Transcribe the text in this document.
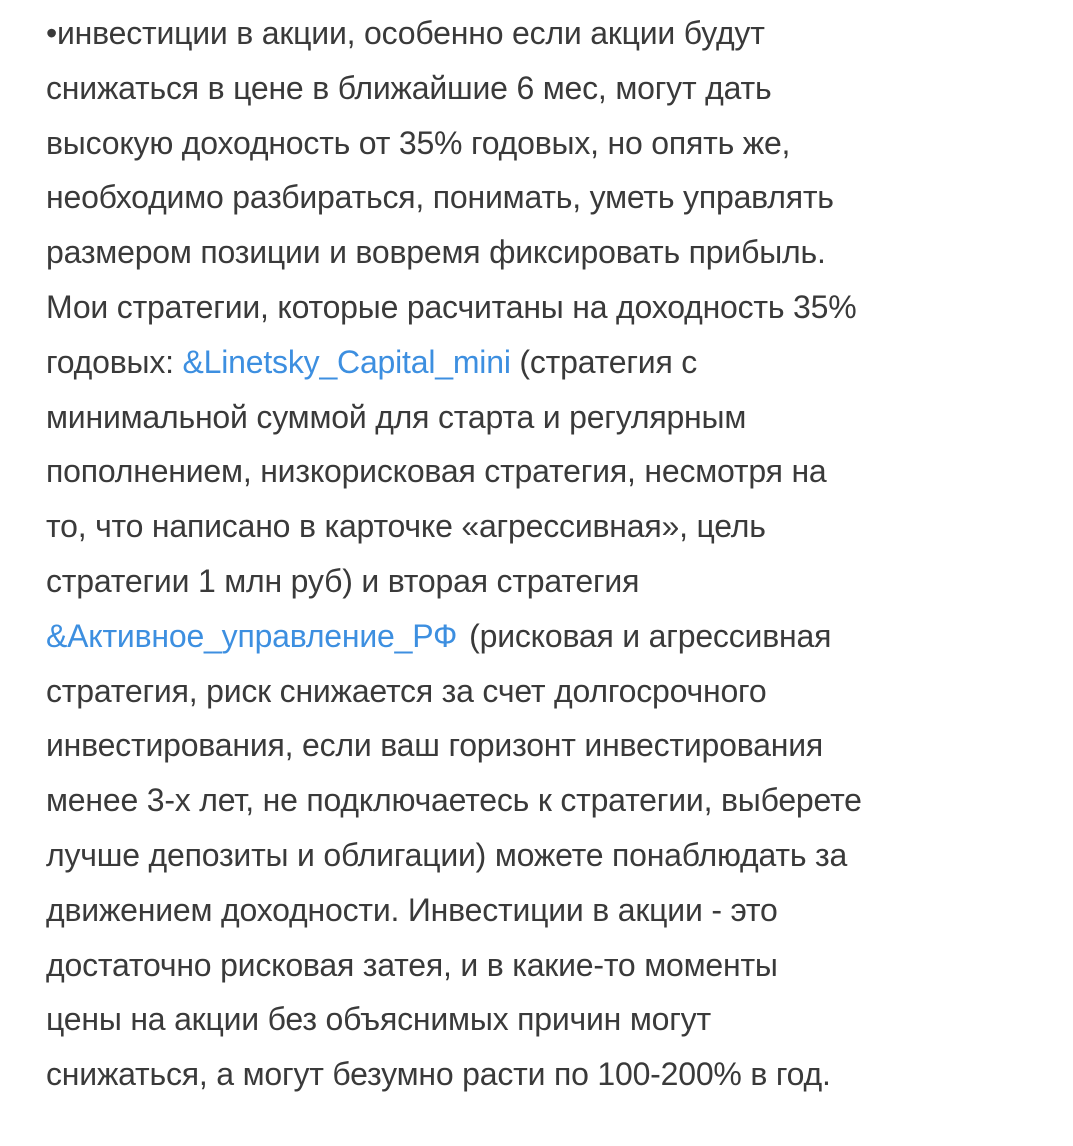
•инвестиции в акции, особенно если акции будут
снижаться в цене в ближайшие 6 мес, могут дать
высокую доходность от 35% годовых, но опять же,
необходимо разбираться, понимать, уметь управлять
размером позиции и вовремя фиксировать прибыль.
Мои стратегии, которые расчитаны на доходность 35%
годовых: &Linetsky_Capital_mini (стратегия с
минимальной суммой для старта и регулярным
пополнением, низкорисковая стратегия, несмотря на
то, что написано в карточке «агрессивная», цель
стратегии 1 млн руб) и вторая стратегия
&Активное_управление_РФ (рисковая и агрессивная
стратегия, риск снижается за счет долгосрочного
инвестирования, если ваш горизонт инвестирования
менее 3-х лет, не подключаетесь к стратегии, выберете
лучше депозиты и облигации) можете понаблюдать за
движением доходности. Инвестиции в акции - это
достаточно рисковая затея, и в какие-то моменты
цены на акции без объяснимых причин могут
снижаться, а могут безумно расти по 100-200% в год.
